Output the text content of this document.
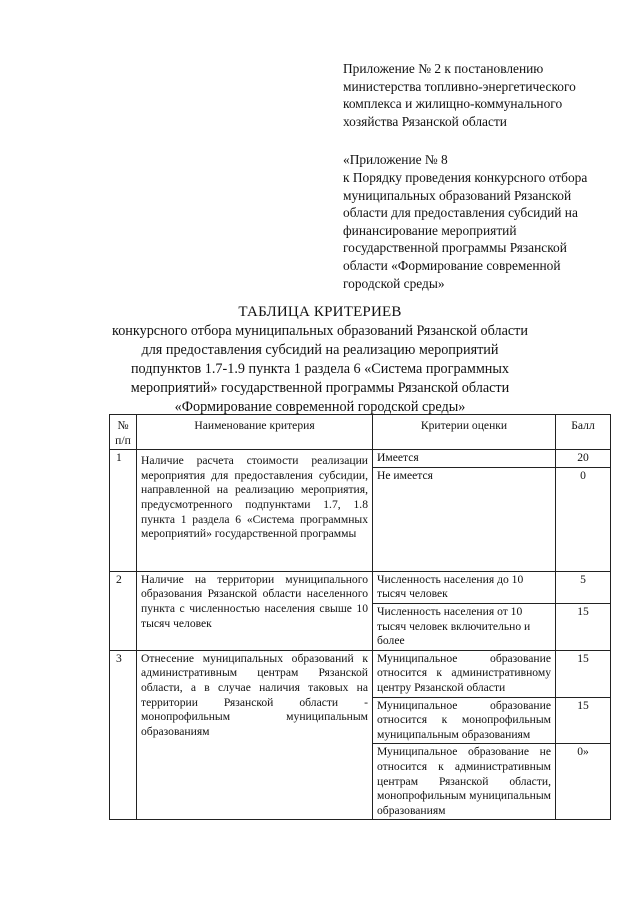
Приложение № 2 к постановлению министерства топливно-энергетического комплекса и жилищно-коммунального хозяйства Рязанской области

«Приложение № 8

к Порядку проведения конкурсного отбора муниципальных образований Рязанской области для предоставления субсидий на финансирование мероприятий государственной программы Рязанской области «Формирование современной городской среды»

ТАБЛИЦА КРИТЕРИЕВ
конкурсного отбора муниципальных образований Рязанской области для предоставления субсидий на реализацию мероприятий подпунктов 1.7-1.9 пункта 1 раздела 6 «Система программных мероприятий» государственной программы Рязанской области «Формирование современной городской среды»
№ п/п	Наименование критерия	Критерии оценки	Балл
1	Наличие расчета стоимости реализации мероприятия для предоставления субсидии, направленной на реализацию мероприятия, предусмотренного подпунктами 1.7, 1.8 пункта 1 раздела 6 «Система программных мероприятий» государственной программы	Имеется	20
		Не имеется	0
2	Наличие на территории муниципального образования Рязанской области населенного пункта с численностью населения свыше 10 тысяч человек	Численность населения до 10 тысяч человек	5
		Численность населения от 10 тысяч человек включительно и более	15
3	Отнесение муниципальных образований к административным центрам Рязанской области, а в случае наличия таковых на территории Рязанской области - монопрофильным муниципальным образованиям	Муниципальное образование относится к административному центру Рязанской области	15
		Муниципальное образование относится к монопрофильным муниципальным образованиям	15
		Муниципальное образование не относится к административным центрам Рязанской области, монопрофильным муниципальным образованиям	0»
